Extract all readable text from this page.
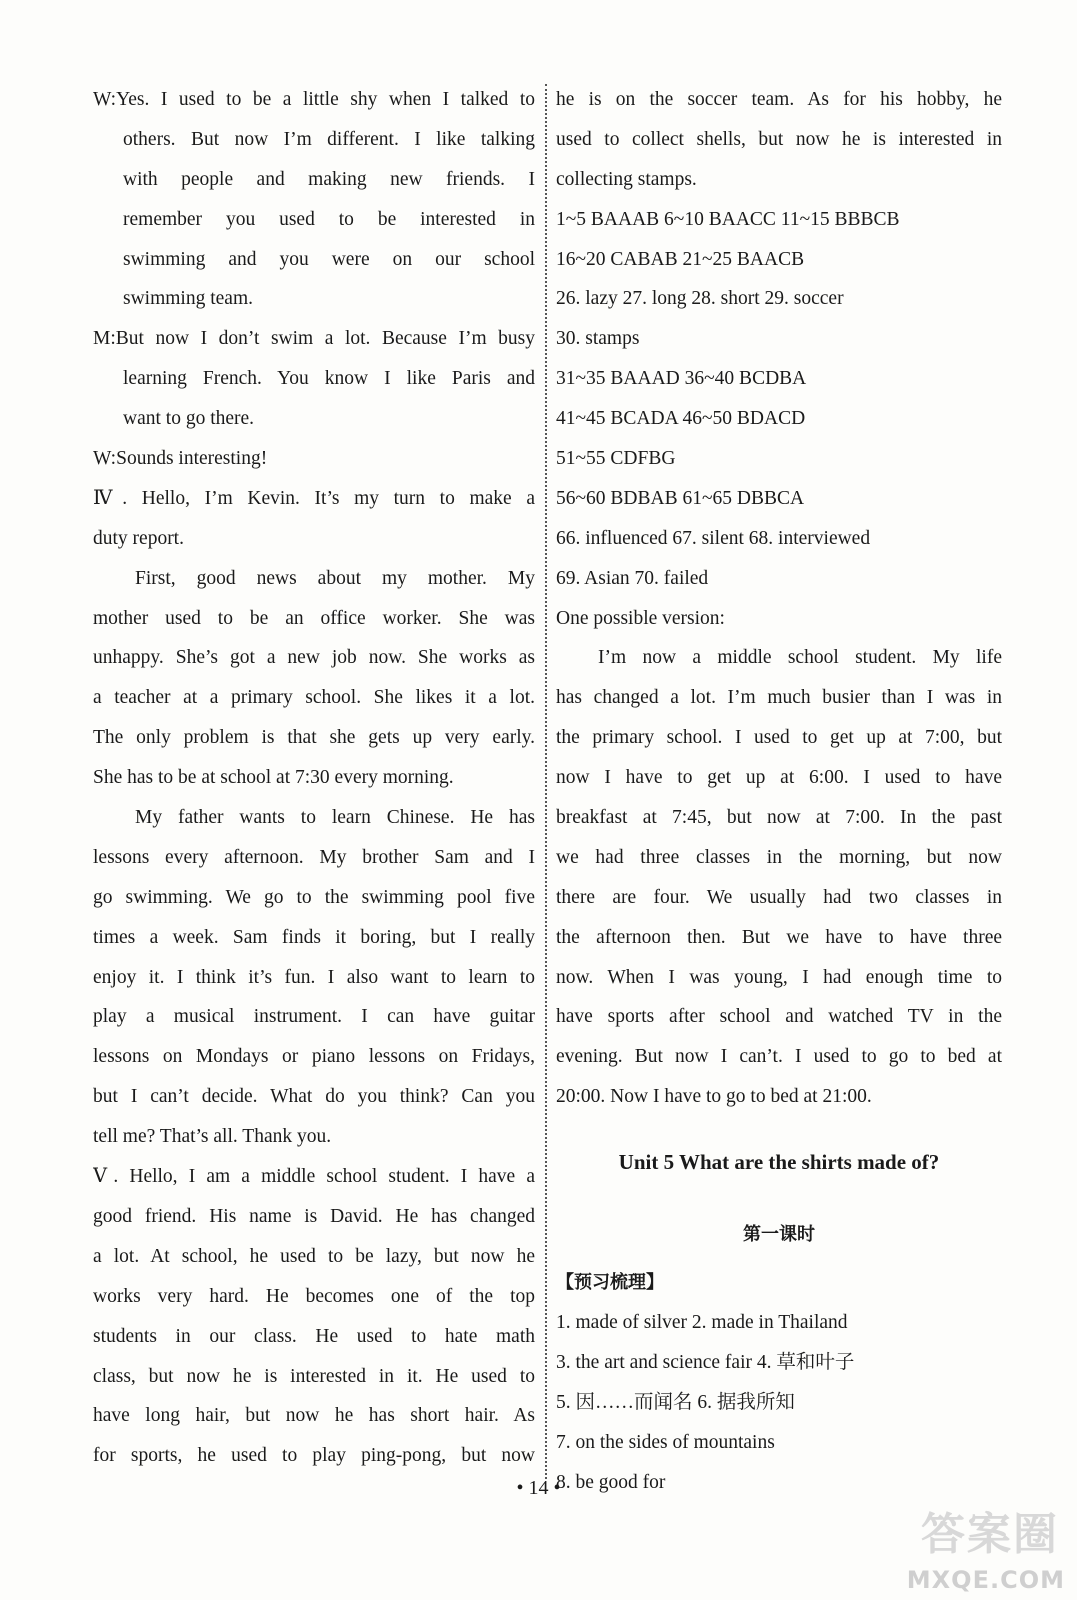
W:Yes. I used to be a little shy when I talked to
others. But now I’m different. I like talking
with people and making new friends. I
remember you used to be interested in
swimming and you were on our school
swimming team.
M:But now I don’t swim a lot. Because I’m busy
learning French. You know I like Paris and
want to go there.
W:Sounds interesting!
Ⅳ. Hello, I’m Kevin. It’s my turn to make a
duty report.
First, good news about my mother. My
mother used to be an office worker. She was
unhappy. She’s got a new job now. She works as
a teacher at a primary school. She likes it a lot.
The only problem is that she gets up very early.
She has to be at school at 7:30 every morning.
My father wants to learn Chinese. He has
lessons every afternoon. My brother Sam and I
go swimming. We go to the swimming pool five
times a week. Sam finds it boring, but I really
enjoy it. I think it’s fun. I also want to learn to
play a musical instrument. I can have guitar
lessons on Mondays or piano lessons on Fridays,
but I can’t decide. What do you think? Can you
tell me? That’s all. Thank you.
Ⅴ. Hello, I am a middle school student. I have a
good friend. His name is David. He has changed
a lot. At school, he used to be lazy, but now he
works very hard. He becomes one of the top
students in our class. He used to hate math
class, but now he is interested in it. He used to
have long hair, but now he has short hair. As
for sports, he used to play ping-pong, but now
he is on the soccer team. As for his hobby, he
used to collect shells, but now he is interested in
collecting stamps.
1~5 BAAAB 6~10 BAACC 11~15 BBBCB
16~20 CABAB 21~25 BAACB
26. lazy 27. long 28. short 29. soccer
30. stamps
31~35 BAAAD 36~40 BCDBA
41~45 BCADA 46~50 BDACD
51~55 CDFBG
56~60 BDBAB 61~65 DBBCA
66. influenced 67. silent 68. interviewed
69. Asian 70. failed
One possible version:
I’m now a middle school student. My life
has changed a lot. I’m much busier than I was in
the primary school. I used to get up at 7:00, but
now I have to get up at 6:00. I used to have
breakfast at 7:45, but now at 7:00. In the past
we had three classes in the morning, but now
there are four. We usually had two classes in
the afternoon then. But we have to have three
now. When I was young, I had enough time to
have sports after school and watched TV in the
evening. But now I can’t. I used to go to bed at
20:00. Now I have to go to bed at 21:00.
Unit 5 What are the shirts made of?
第一课时
【预习梳理】
1. made of silver 2. made in Thailand
3. the art and science fair 4. 草和叶子
5. 因……而闻名 6. 据我所知
7. on the sides of mountains
8. be good for
• 14 •
答案圈
MXQE.COM
